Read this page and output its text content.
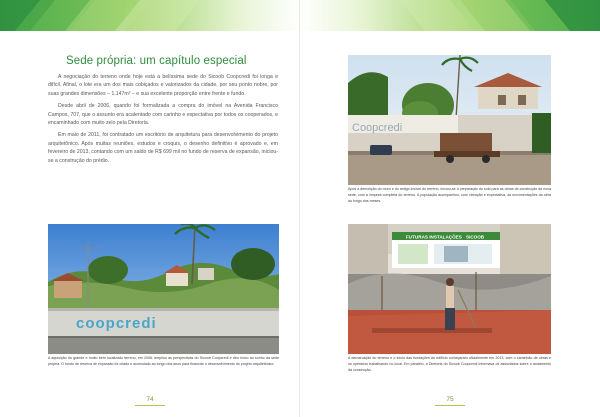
Sede própria: um capítulo especial

A negociação do terreno onde hoje está a belíssima sede do Sicoob Coopcredi foi longa e difícil. Afinal, o lote era um dos mais cobiçados e valorizados da cidade, por seu ponto nobre, por suas grandes dimensões – 1.147m² – e sua excelente proporção entre frente e fundo.

Desde abril de 2006, quando foi formalizada a compra do imóvel na Avenida Francisco Campos, 707, que o assunto era acalentado com carinho e expectativa por todos os cooperados, e encaminhado com muito zelo pela Diretoria.

Em maio de 2011, foi contratado um escritório de arquitetura para desenvolvimento do projeto arquitetônico. Após muitas reuniões, estudos e croquis, o desenho definitivo é aprovado e, em fevereiro de 2013, contando com um saldo de R$ 699 mil no fundo de reserva de expansão, iniciou-se a construção do prédio.

coopcredi
A aquisição do grande e muito bem localizado terreno, em 2006, ampliou as perspectivas do Sicoob Coopcredi e deu início ao sonho da sede própria. O fundo de reserva de expansão foi criado e acumulado ao longo dos anos para financiar o desenvolvimento do projeto arquitetônico.
74
Coopcredi
Após a demolição do muro e do antigo imóvel do terreno, iniciou-se a preparação do solo para as obras de construção da nova sede, com a limpeza completa do terreno. A população acompanhou, com vibração e expectativa, as movimentações da obra ao longo dos meses.
FUTURAS INSTALAÇÕES SICOOB
A demarcação do terreno e o início das fundações do edifício começaram oficialmente em 2013, com o caminhão de obras e os operários trabalhando no local. Em paralelo, a Diretoria do Sicoob Coopcredi informava os associados sobre o andamento da construção.
75
